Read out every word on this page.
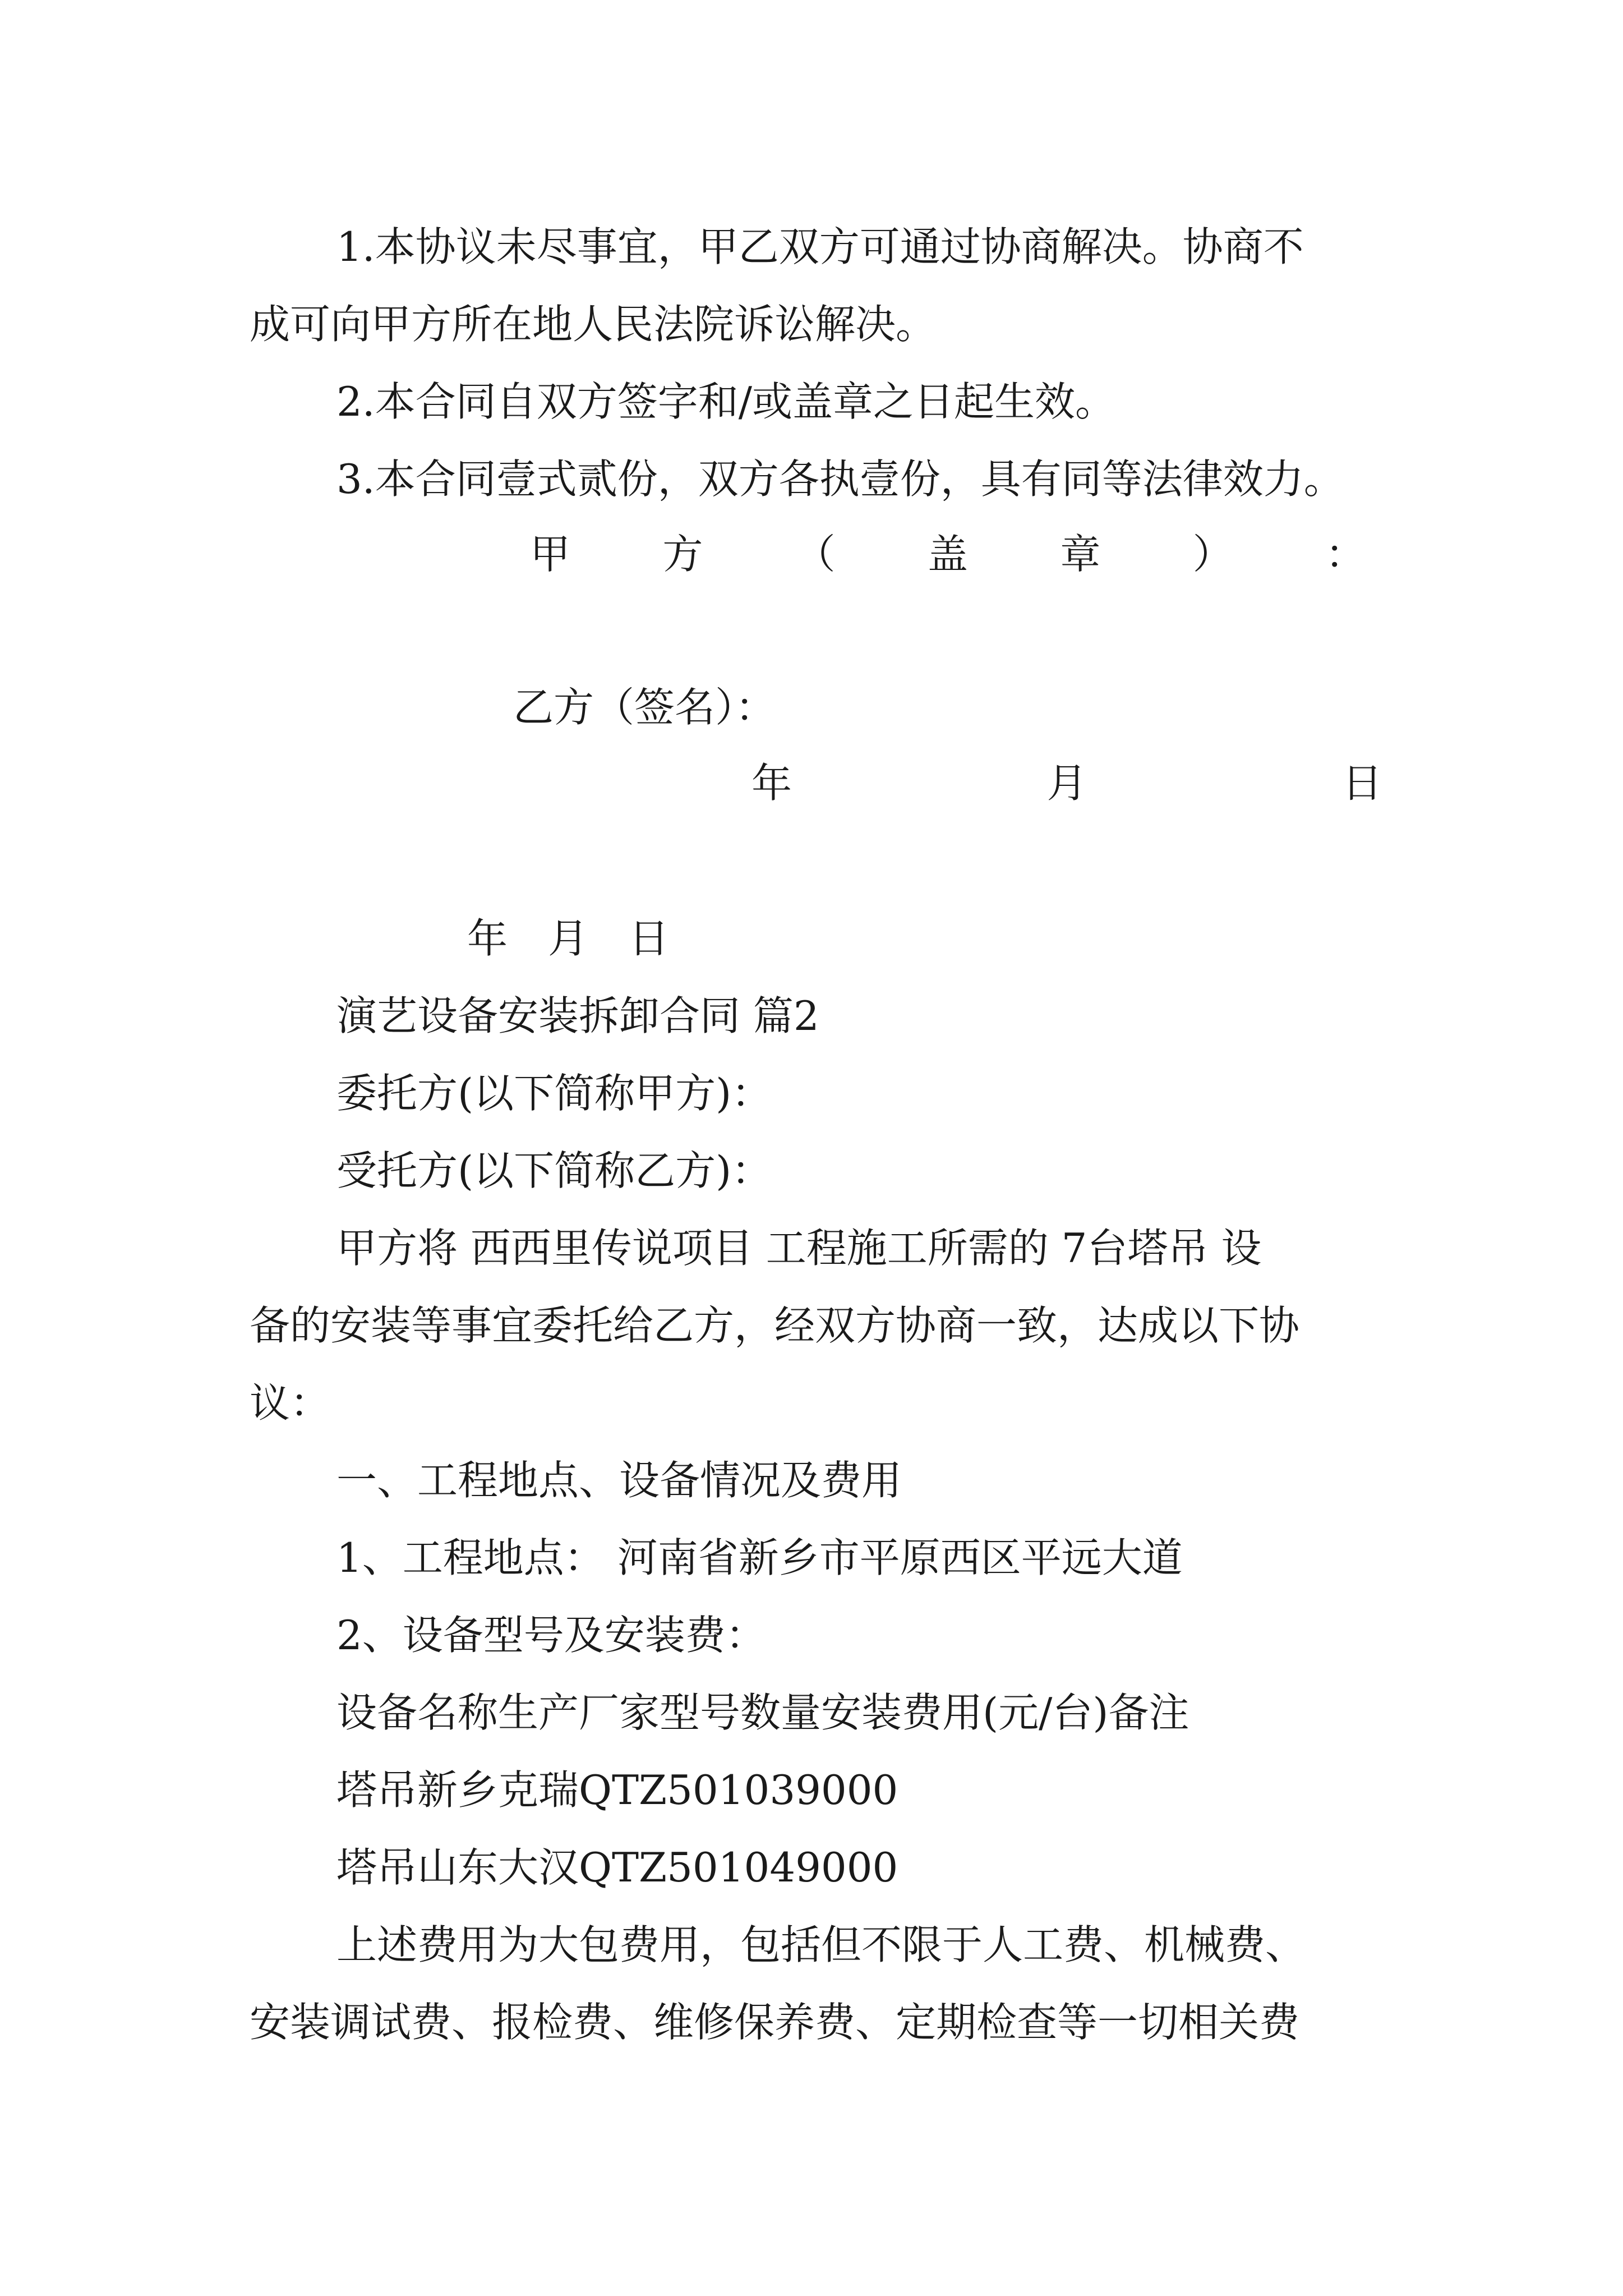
1.本协议未尽事宜，甲乙双方可通过协商解决。协商不
成可向甲方所在地人民法院诉讼解决。
2.本合同自双方签字和/或盖章之日起生效。
3.本合同壹式贰份，双方各执壹份，具有同等法律效力。
甲 方 （ 盖 章 ） ：
乙方（签名）：
年	月	日
年　月　日
演艺设备安装拆卸合同 篇2
委托方(以下简称甲方)：
受托方(以下简称乙方)：
甲方将 西西里传说项目 工程施工所需的 7台塔吊 设
备的安装等事宜委托给乙方，经双方协商一致，达成以下协
议：
一、工程地点、设备情况及费用
1、工程地点： 河南省新乡市平原西区平远大道
2、设备型号及安装费：
设备名称生产厂家型号数量安装费用(元/台)备注
塔吊新乡克瑞QTZ501039000
塔吊山东大汉QTZ501049000
上述费用为大包费用，包括但不限于人工费、机械费、
安装调试费、报检费、维修保养费、定期检查等一切相关费
